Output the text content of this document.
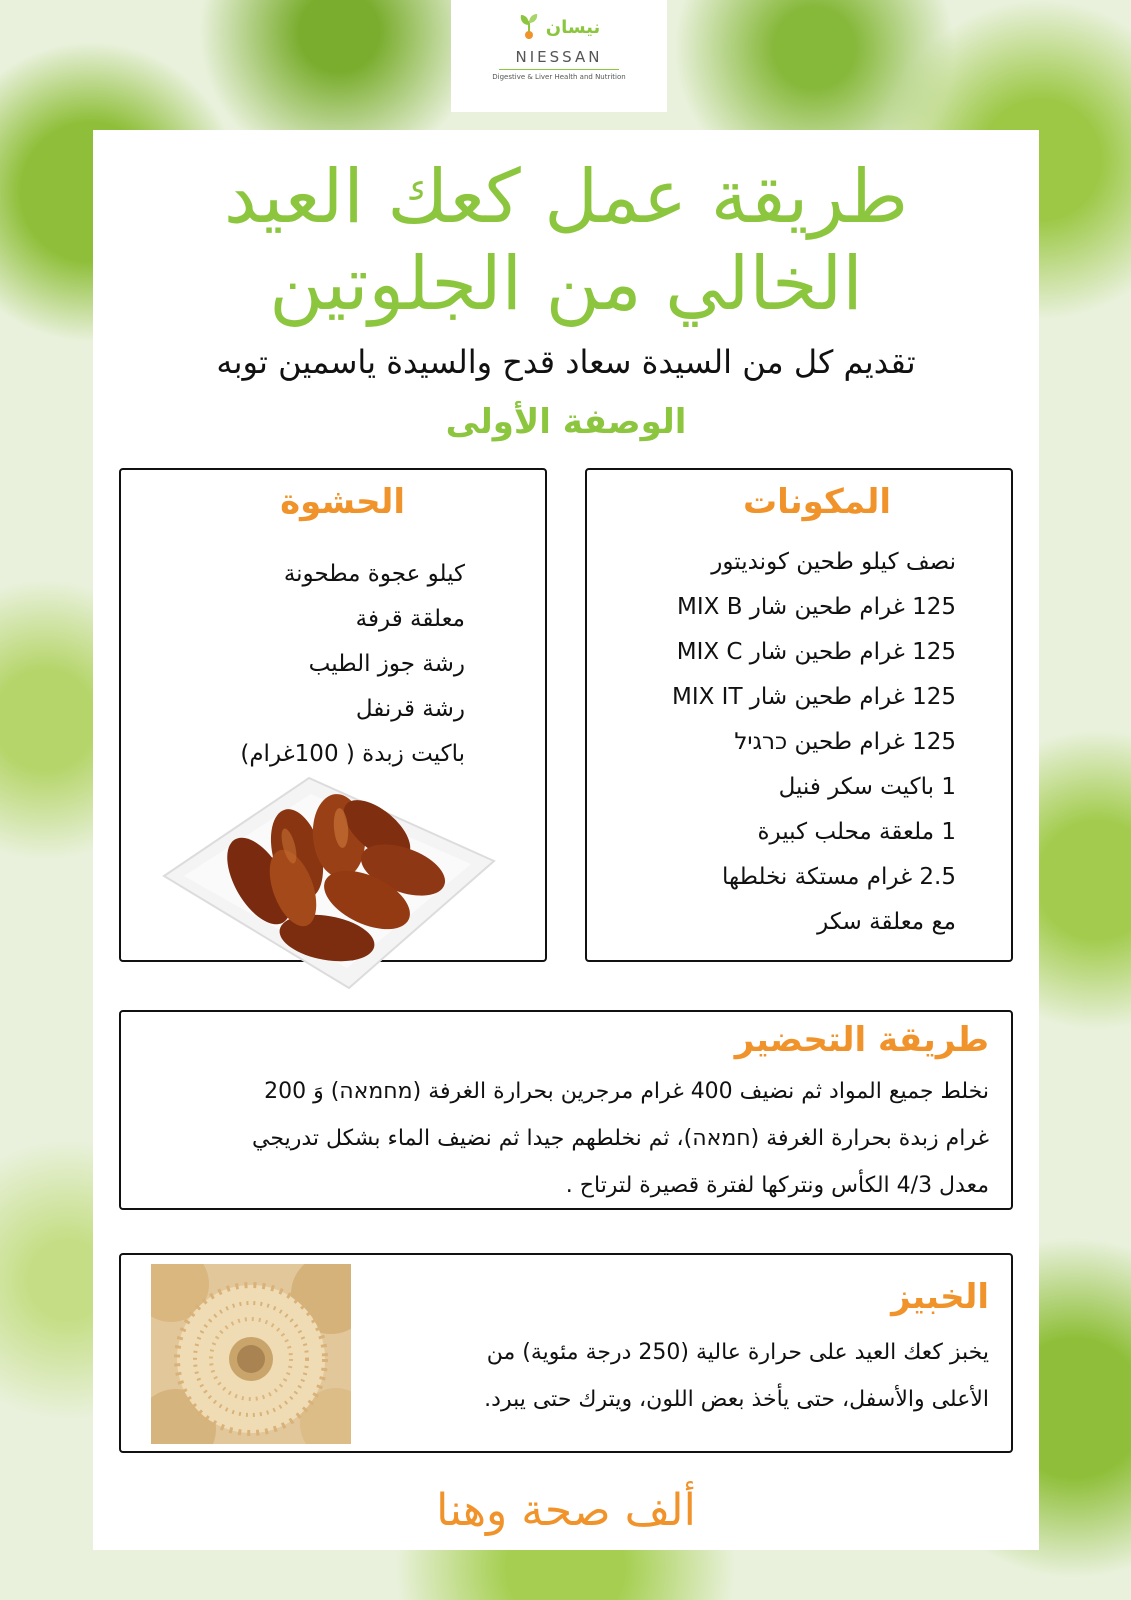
نيسان
NIESSAN
Digestive & Liver Health and Nutrition
طريقة عمل كعك العيد
الخالي من الجلوتين
تقديم كل من السيدة سعاد قدح والسيدة ياسمين توبه
الوصفة الأولى
المكونات
نصف كيلو طحين كونديتور
125 غرام طحين شار MIX B
125 غرام طحين شار MIX C
125 غرام طحين شار MIX IT
125 غرام طحين כרגיל
1 باكيت سكر فنيل
1 ملعقة محلب كبيرة
2.5 غرام مستكة نخلطها
مع معلقة سكر
الحشوة
كيلو عجوة مطحونة
معلقة قرفة
رشة جوز الطيب
رشة قرنفل
باكيت زبدة ( 100غرام)
طريقة التحضير
نخلط جميع المواد ثم نضيف 400 غرام مرجرين بحرارة الغرفة (מחמאה) وَ 200
غرام زبدة بحرارة الغرفة (חמאה)، ثم نخلطهم جيدا ثم نضيف الماء بشكل تدريجي
معدل 4/3 الكأس ونتركها لفترة قصيرة لترتاح .
الخبيز
يخبز كعك العيد على حرارة عالية (250 درجة مئوية) من
الأعلى والأسفل، حتى يأخذ بعض اللون، ويترك حتى يبرد.
ألف صحة وهنا
